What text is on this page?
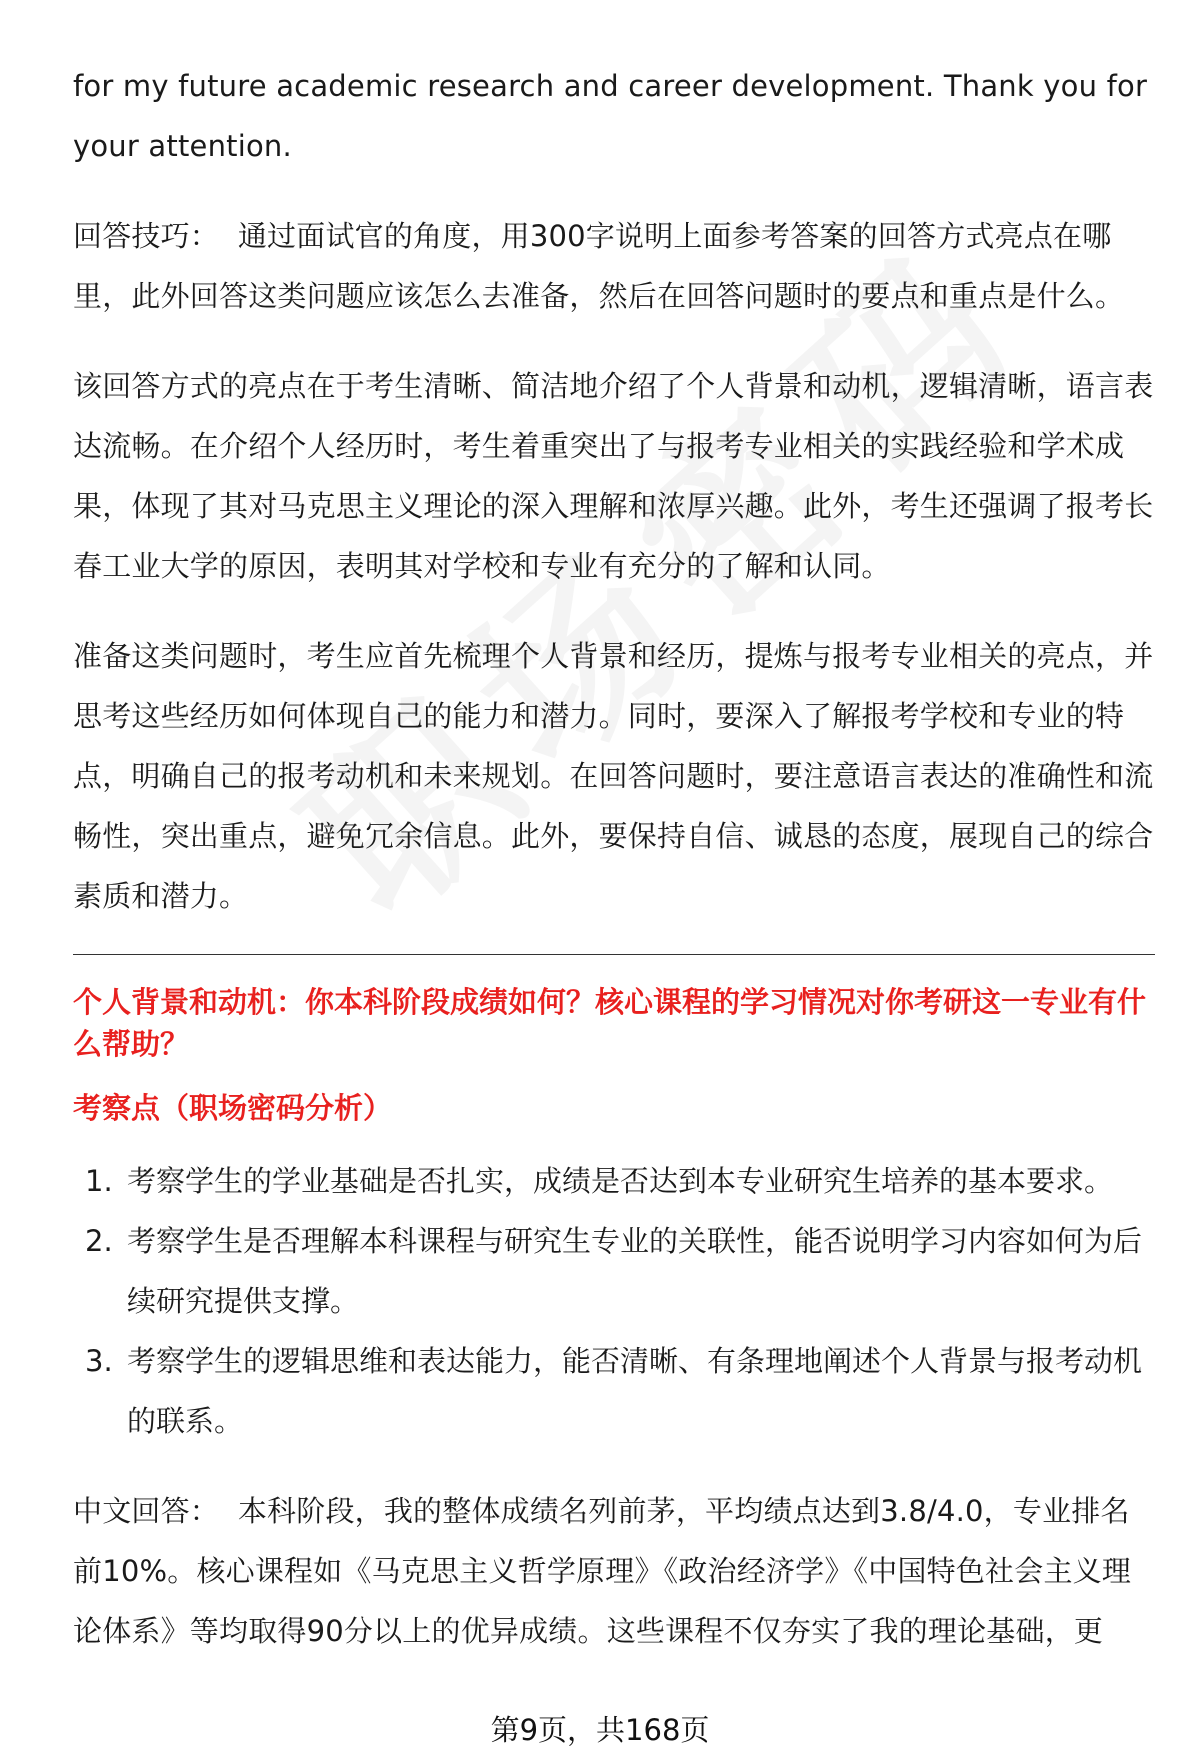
for my future academic research and career development. Thank you for your attention.

回答技巧： 通过面试官的角度，用300字说明上面参考答案的回答方式亮点在哪里，此外回答这类问题应该怎么去准备，然后在回答问题时的要点和重点是什么。

该回答方式的亮点在于考生清晰、简洁地介绍了个人背景和动机，逻辑清晰，语言表达流畅。在介绍个人经历时，考生着重突出了与报考专业相关的实践经验和学术成果，体现了其对马克思主义理论的深入理解和浓厚兴趣。此外，考生还强调了报考长春工业大学的原因，表明其对学校和专业有充分的了解和认同。

准备这类问题时，考生应首先梳理个人背景和经历，提炼与报考专业相关的亮点，并思考这些经历如何体现自己的能力和潜力。同时，要深入了解报考学校和专业的特点，明确自己的报考动机和未来规划。在回答问题时，要注意语言表达的准确性和流畅性，突出重点，避免冗余信息。此外，要保持自信、诚恳的态度，展现自己的综合素质和潜力。

个人背景和动机：你本科阶段成绩如何？核心课程的学习情况对你考研这一专业有什么帮助？

考察点（职场密码分析）

1. 考察学生的学业基础是否扎实，成绩是否达到本专业研究生培养的基本要求。
2. 考察学生是否理解本科课程与研究生专业的关联性，能否说明学习内容如何为后续研究提供支撑。
3. 考察学生的逻辑思维和表达能力，能否清晰、有条理地阐述个人背景与报考动机的联系。

中文回答： 本科阶段，我的整体成绩名列前茅，平均绩点达到3.8/4.0，专业排名前10%。核心课程如《马克思主义哲学原理》《政治经济学》《中国特色社会主义理论体系》等均取得90分以上的优异成绩。这些课程不仅夯实了我的理论基础，更

第9页，共168页
